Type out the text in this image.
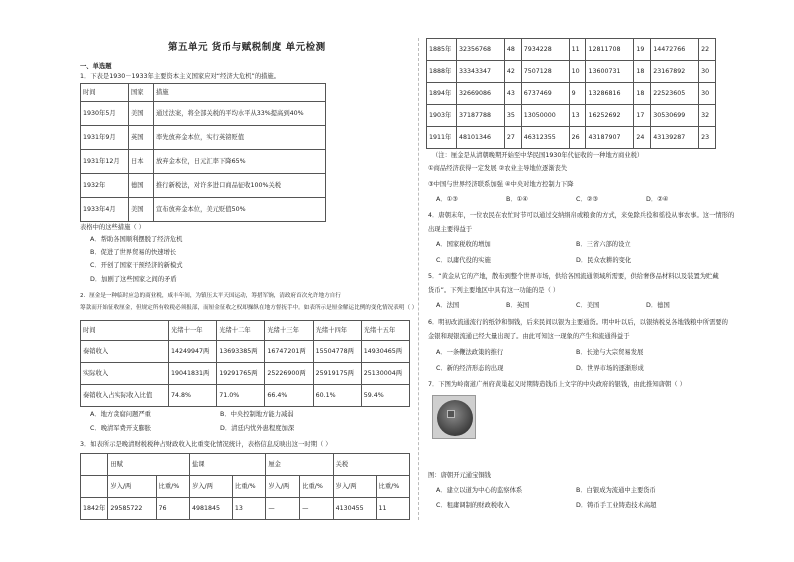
第五单元 货币与赋税制度 单元检测
一、单选题
1．下表是1930－1933年主要资本主义国家应对“经济大危机”的措施。
时间	国家	措施
1930年5月	美国	通过法案，将全部关税的平均水平从33%提高到40%
1931年9月	英国	率先放弃金本位，实行英镑贬值
1931年12月	日本	放弃金本位，日元汇率下降65%
1932年	德国	推行新税法，对许多进口商品征收100%关税
1933年4月	美国	宣布放弃金本位，美元贬值50%
表格中的这些措施（ ）
A．帮助各国顺利摆脱了经济危机
B．促进了世界贸易的快速增长
C．开创了国家干预经济的新模式
D．加剧了这些国家之间的矛盾
2．厘金是一种临时应急的商业税，咸丰年间，为镇压太平天国运动，筹措军饷，清政府首次允许地方自行
筹款而开始征收厘金，但规定所有收税必须报部，而厘金征收之权却操纵在地方督抚手中。如表所示是厘金解运比例的变化情况表明（ ）
时间	光绪十一年	光绪十二年	光绪十三年	光绪十四年	光绪十五年
奏销收入	14249947两	13693385两	16747201两	15504778两	14930465两
实际收入	19041831两	19291765两	25226900两	25919175两	25130004两
奏销收入占实际收入比值	74.8%	71.0%	66.4%	60.1%	59.4%
A．地方贪腐问题严重	B．中央控制地方能力减弱
C．晚清军费开支膨胀	D．清廷内忧外患程度加深
3．如表所示是晚清财税税种占财政收入比重变化情况统计，表格信息反映出这一时期（ ）
	田赋		盐课		厘金		关税	
	岁入/两	比重/%	岁入/两	比重/%	岁入/两	比重/%	岁入/两	比重/%
1842年	29585722	76	4981845	13	—	—	4130455	11
1885年	32356768	48	7934228	11	12811708	19	14472766	22
1888年	33343347	42	7507128	10	13600731	18	23167892	30
1894年	32669086	43	6737469	9	13286816	18	22523605	30
1903年	37187788	35	13050000	13	16252692	17	30530699	32
1911年	48101346	27	46312355	26	43187907	24	43139287	23
（注：厘金是从清朝晚期开始至中华民国1930年代征收的一种地方商业税）
①商品经济获得一定发展 ②农业主导地位逐渐丧失
③中国与世界经济联系加强 ④中央对地方控制力下降
A．①③	B．①④	C．②③	D．②④
4．唐朝末年，一位农民在农忙时节可以通过交纳绢帛或粮食的方式，来免除兵役和徭役从事农事。这一情形的
出现主要得益于
A．国家税收的增加	B．三省六部的设立
C．以庸代役的实施	D．民众农耕的变化
5．“黄金从它的产地，散布到整个世界市场，供给各国流通领域所需要，供给奢侈品材料以及装置为贮藏
货币”。下列主要地区中具有这一功能的是（ ）
A．法国	B．英国	C．美国	D．德国
6．明初改流通流行的纸钞和铜钱，后来民间以银为主要通货。明中叶以后，以银纳税兑各地钱粮中所需要的
金银和现银流通已经大量出现了。由此可知这一现象的产生和流通得益于
A．一条鞭法政策的推行	B．长途与大宗贸易发展
C．新的经济形态的出现	D．世界市场的逐渐形成
7．下图为岭南道广州府黄巢起义时期铸造钱币上文字的中央政府的银钱，由此推知唐朝（ ）
图：唐朝开元通宝铜钱
A．建立以道为中心的监察体系	B．白银成为流通中主要货币
C．租庸调制的财政税收入	D．铸币手工业铸造技术高超
